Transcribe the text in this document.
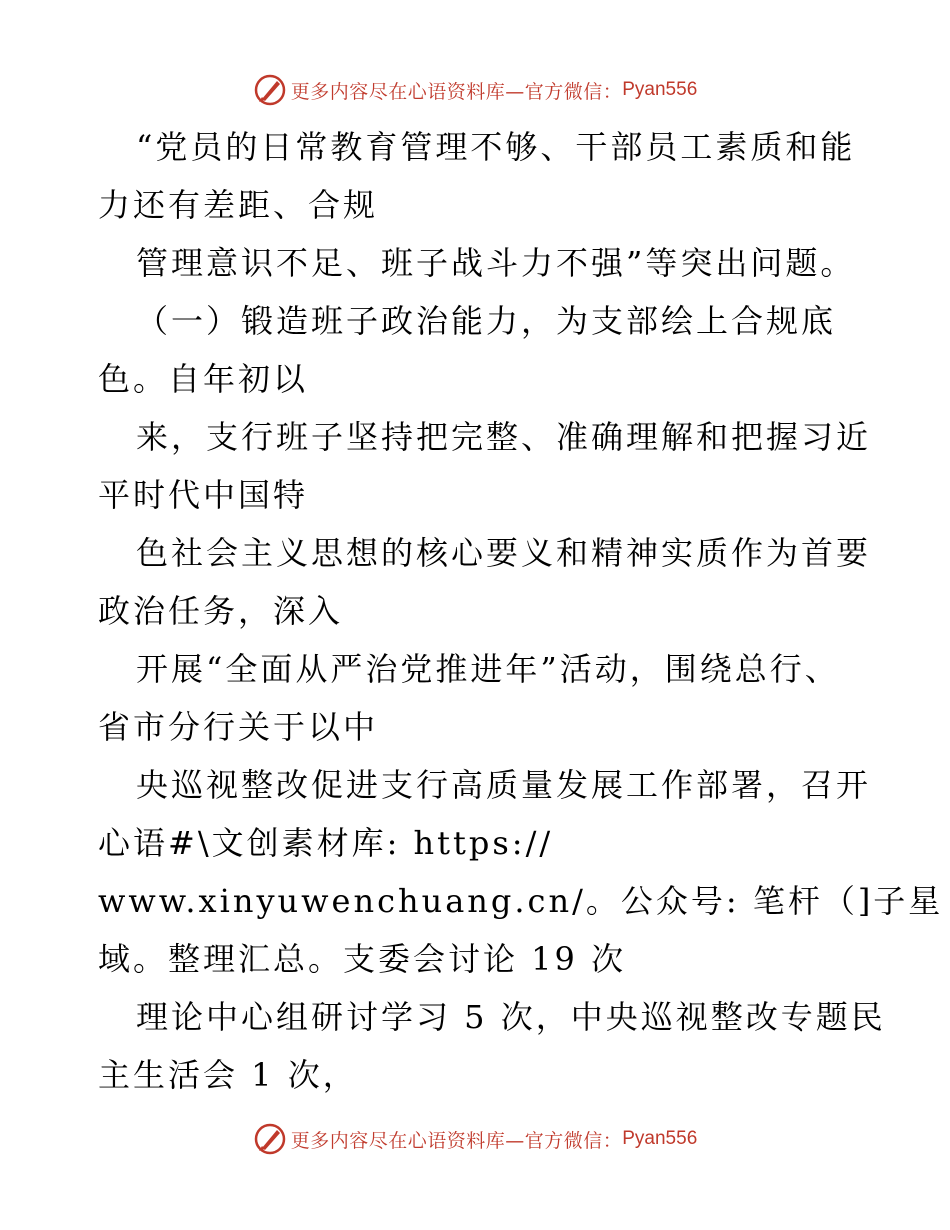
更多内容尽在心语资料库—官方微信： Pyan556
“党员的日常教育管理不够、干部员工素质和能
力还有差距、合规
管理意识不足、班子战斗力不强”等突出问题。
（一）锻造班子政治能力，为支部绘上合规底
色。自年初以
来，支行班子坚持把完整、准确理解和把握习近
平时代中国特
色社会主义思想的核心要义和精神实质作为首要
政治任务，深入
开展“全面从严治党推进年”活动，围绕总行、
省市分行关于以中
央巡视整改促进支行高质量发展工作部署，召开
心语#\文创素材库: https://
www.xinyuwenchuang.cn/。公众号: 笔杆（]子星
域。整理汇总。支委会讨论 19 次
理论中心组研讨学习 5 次，中央巡视整改专题民
主生活会 1 次，
更多内容尽在心语资料库—官方微信： Pyan556
